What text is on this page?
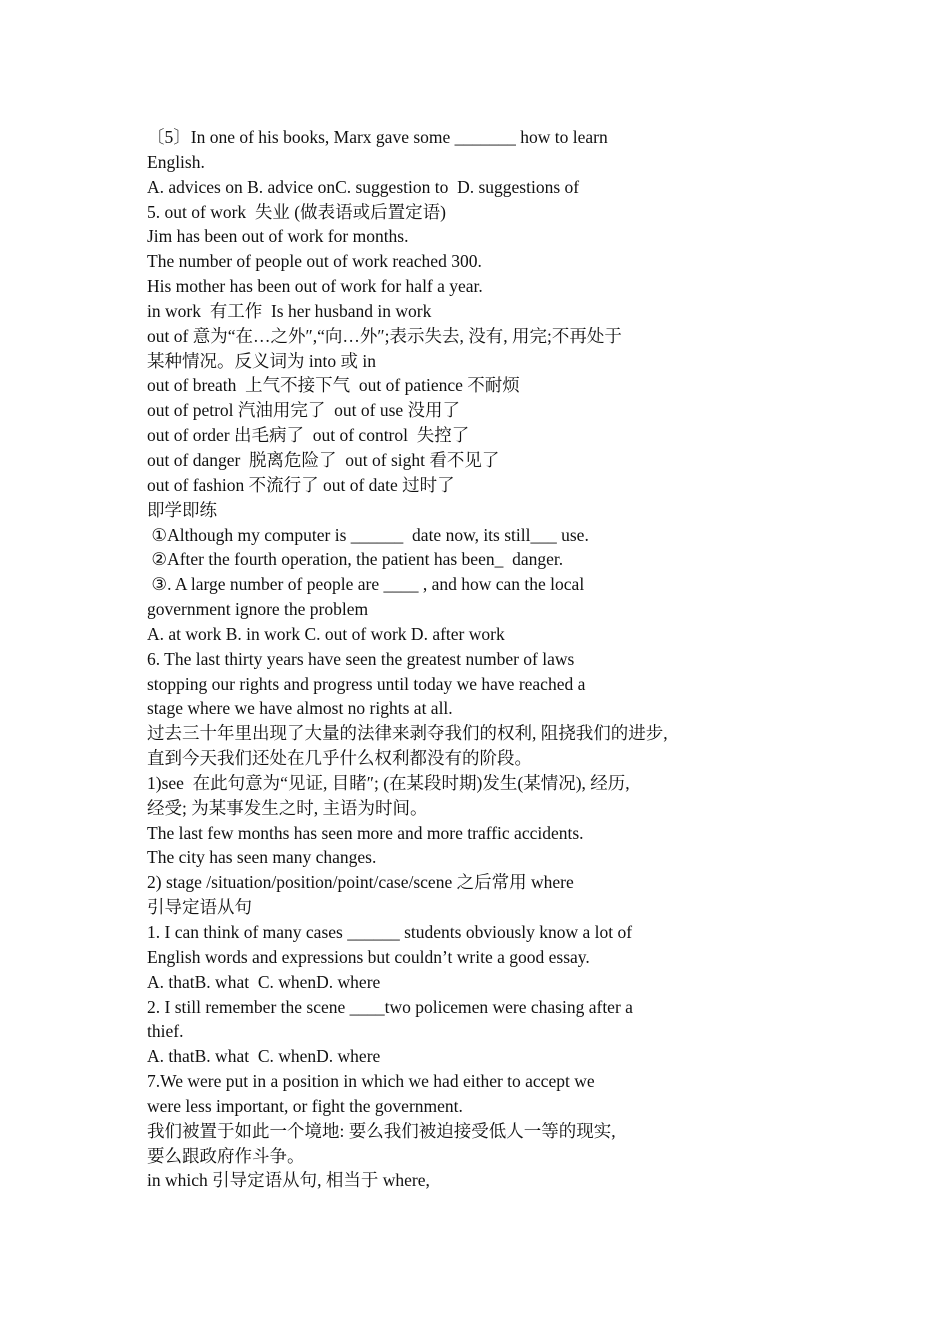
〔5〕In one of his books, Marx gave some _______ how to learn
English.
A. advices on B. advice onC. suggestion to  D. suggestions of
5. out of work  失业 (做表语或后置定语)
Jim has been out of work for months.
The number of people out of work reached 300.
His mother has been out of work for half a year.
in work  有工作  Is her husband in work
out of 意为“在…之外″,“向…外″;表示失去, 没有, 用完;不再处于
某种情况。反义词为 into 或 in
out of breath  上气不接下气  out of patience 不耐烦
out of petrol 汽油用完了  out of use 没用了
out of order 出毛病了  out of control  失控了
out of danger  脱离危险了  out of sight 看不见了
out of fashion 不流行了 out of date 过时了
即学即练
①Although my computer is ______  date now, its still___ use.
②After the fourth operation, the patient has been_  danger.
③. A large number of people are ____ , and how can the local
government ignore the problem
A. at work B. in work C. out of work D. after work
6. The last thirty years have seen the greatest number of laws
stopping our rights and progress until today we have reached a
stage where we have almost no rights at all.
过去三十年里出现了大量的法律来剥夺我们的权利, 阻挠我们的进步,
直到今天我们还处在几乎什么权利都没有的阶段。
1)see  在此句意为“见证, 目睹″; (在某段时期)发生(某情况), 经历,
经受; 为某事发生之时, 主语为时间。
The last few months has seen more and more traffic accidents.
The city has seen many changes.
2) stage /situation/position/point/case/scene 之后常用 where
引导定语从句
1. I can think of many cases ______ students obviously know a lot of
English words and expressions but couldn’t write a good essay.
A. thatB. what  C. whenD. where
2. I still remember the scene ____two policemen were chasing after a
thief.
A. thatB. what  C. whenD. where
7.We were put in a position in which we had either to accept we
were less important, or fight the government.
我们被置于如此一个境地: 要么我们被迫接受低人一等的现实,
要么跟政府作斗争。
in which 引导定语从句, 相当于 where,
